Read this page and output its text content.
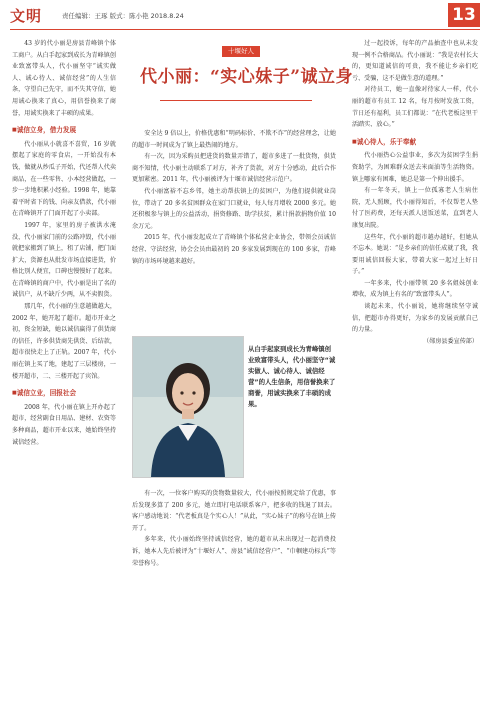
文明	责任编辑：王琢 版式：陈小艳 2018.8.24	13
十堰好人
代小丽：“实心妹子”诚立身

43 岁的代小丽是房县青峰镇个体工商户。从白手起家到成长为青峰镇创业致富带头人，代小丽坚守“诚实做人、诚心待人、诚信经营”的人生信条，守望自己先守，而不失其守信，她用诚心换来了真心，用信誉换来了商誉，用诚实换来了丰硕的成果。

■ 诚信立身，借力发展

代小丽从小就喜不喜贸，16 岁就摆起了家庭的零食店，一开始没有本钱，做就从炒瓜子开始，代还帮人代卖商品，在一些零售、小本经营做起，一步一步地积累小经验。1998 年，她靠着平时省下的钱、向亲友借款，代小丽在青峰镇开了门面开起了小卖部。

1997 年，家里的房子被洪水淹没，代小丽家门前的公路冲毁，代小丽就把家搬到了镇上，租了店铺，把门面扩大，货源也从批发市场直接进货，价格比别人便宜，口碑也慢慢好了起来。在青峰镇的商户中，代小丽是出了名的诚信户，从不缺斤少两，从不卖假货。

那几年，代小丽的生意越做越大，2002 年，她开起了超市。超市开业之初，资金短缺，她以诚信赢得了供货商的信任，许多供货商先供货、后结款，超市很快走上了正轨。2007 年，代小丽在镇上买了地，建起了三层楼房，一楼开超市，二、三楼开起了宾馆。

■ 诚信立业，回报社会

2008 年，代小丽在镇上开办起了超市，经营副食日用品、建材、农资等多种商品，超市开业以来，她始终坚持诚信经营。

安全达 9 倍以上，价格优惠和“明码标价、不欺不诈”的经营理念，让她的超市一时间成为了镇上最热闹的地方。

有一次，因为采购员把进货的数量弄错了，超市多进了一批货物，供货商不知情，代小丽主动联系了对方，补齐了货款，对方十分感动，此后合作更加紧密。2011 年，代小丽被评为十堰市诚信经营示范户。

代小丽富裕不忘乡邻，她主动帮扶镇上的贫困户，为他们提供就业岗位，带动了 20 多名贫困群众在家门口就业，每人每月增收 2000 多元。她还积极参与镇上的公益活动，捐资修路、助学扶贫，累计捐款捐物价值 10 余万元。

2015 年，代小丽发起成立了青峰镇个体私营企业协会，带领会员诚信经营、守法经营，协会会员由最初的 20 多家发展到现在的 100 多家，青峰镇的市场环境越来越好。

从白手起家到成长为青峰镇创业致富带头人，代小丽坚守“诚实做人、诚心待人、诚信经营”的人生信条，用信誉换来了商誉，用诚实换来了丰硕的成果。

有一次，一位客户购买的货物数量较大，代小丽按照规定给了优惠，事后发现多算了 200 多元，她立即打电话联系客户，把多收的钱退了回去。客户感动地说：“代老板真是个实心人！”从此，“实心妹子”的称号在镇上传开了。

多年来，代小丽始终坚持诚信经营，她的超市从未出现过一起消费投诉，她本人先后被评为“十堰好人”、房县“诚信经营户”、“巾帼建功标兵”等荣誉称号。

过一起投诉，每年的产品抽查中也从未发现一例不合格商品。代小丽说：“我是农村长大的，更知道诚信的可贵，我不能让乡亲们吃亏、受骗，这不是做生意的道理。”

对待员工，她一直像对待家人一样，代小丽的超市有员工 12 名，每月按时发放工资，节日还有福利，员工们都说：“在代老板这里干活踏实、放心。”

■ 诚心待人，乐于奉献

代小丽热心公益事业，多次为贫困学生捐资助学，为困难群众送去米面油等生活物资。镇上哪家有困难，她总是第一个伸出援手。

有一年冬天，镇上一位孤寡老人生病住院，无人照顾，代小丽得知后，不仅帮老人垫付了医药费，还每天派人送饭送菜，直到老人康复出院。

这些年，代小丽的超市越办越好，但她从不忘本。她说：“是乡亲们的信任成就了我，我要用诚信回报大家，带着大家一起过上好日子。”

一年多来，代小丽带领 20 多名姐妹创业增收，成为镇上有名的“致富带头人”。

谈起未来，代小丽说，她将继续坚守诚信，把超市办得更好，为家乡的发展贡献自己的力量。

（郧房县委宣传部）
